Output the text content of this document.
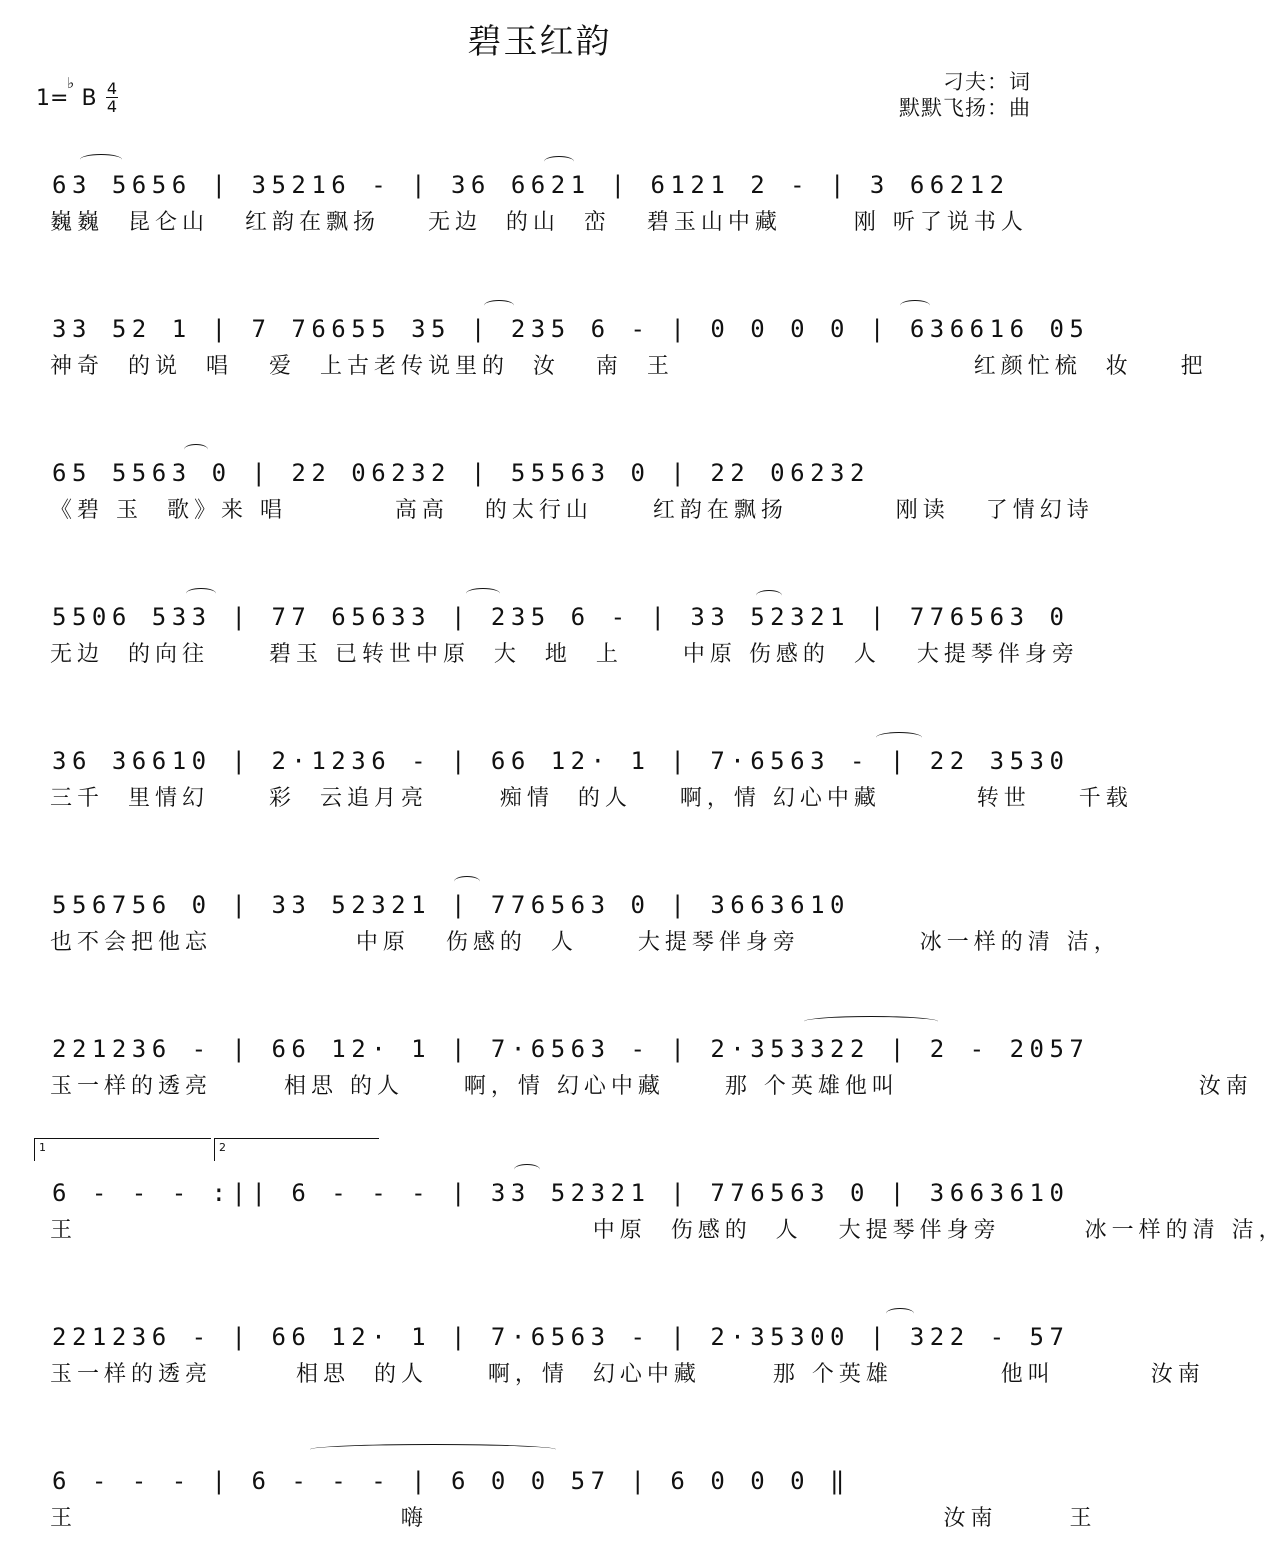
碧玉红韵
1=
♭
B 4
4
刁夫：词
默默飞扬：曲
63 5656 | 35216 - | 36 6621 | 6121 2 - | 3 66212
巍巍  昆仑山   红韵在飘扬    无边  的山  峦   碧玉山中藏      刚 听了说书人
33 52 1 | 7 76655 35 | 235 6 - | 0 0 0 0 | 636616 05
神奇  的说  唱   爱  上古老传说里的  汝   南  王                         红颜忙梳  妆    把
65 5563 0 | 22 06232 | 55563 0 | 22 06232
《碧 玉  歌》来 唱         高高   的太行山     红韵在飘扬         刚读   了情幻诗
5506 533 | 77 65633 | 235 6 - | 33 52321 | 776563 0
无边  的向往     碧玉 已转世中原  大  地  上     中原 伤感的  人   大提琴伴身旁
36 36610 | 2·1236 - | 66 12· 1 | 7·6563 - | 22 3530
三千  里情幻     彩  云追月亮      痴情  的人    啊，情 幻心中藏        转世    千载
556756 0 | 33 52321 | 776563 0 | 3663610
也不会把他忘            中原   伤感的  人     大提琴伴身旁          冰一样的清 洁，
221236 - | 66 12· 1 | 7·6563 - | 2·353322 | 2 - 2057
玉一样的透亮      相思 的人     啊，情 幻心中藏     那 个英雄他叫                         汝南
1	2
6 - - - :|| 6 - - - | 33 52321 | 776563 0 | 3663610
王                                           中原  伤感的  人   大提琴伴身旁       冰一样的清 洁，
221236 - | 66 12· 1 | 7·6563 - | 2·35300 | 322 - 57
玉一样的透亮       相思  的人     啊，情  幻心中藏      那 个英雄         他叫        汝南
6 - - - | 6 - - - | 6 0 0 57 | 6 0 0 0 ‖
王                           嗨                                           汝南      王
